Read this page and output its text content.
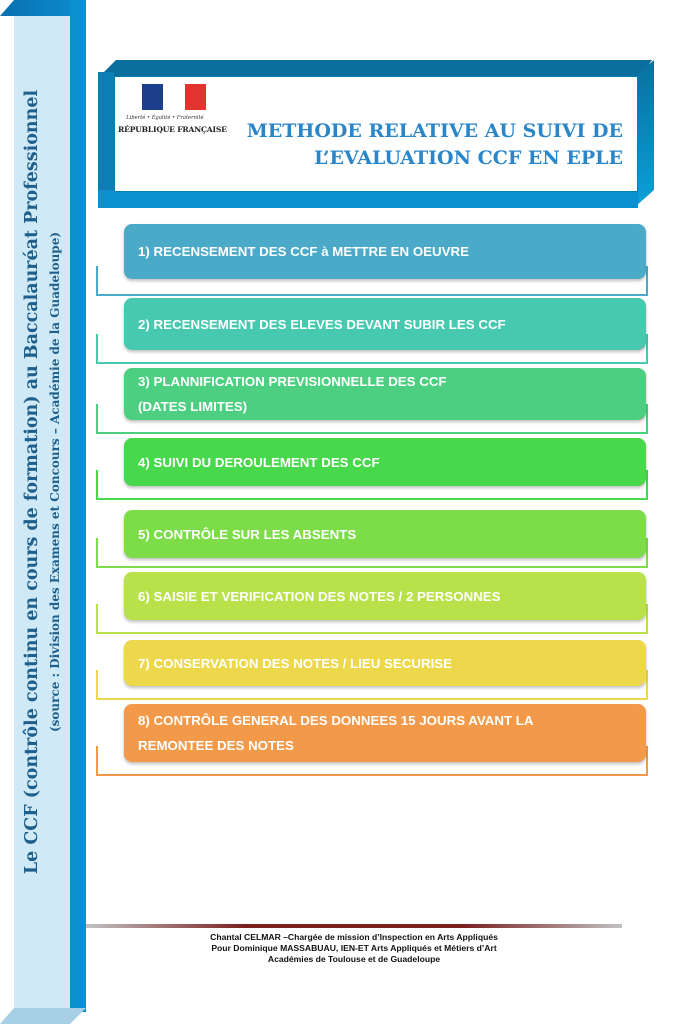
Le CCF (contrôle continu en cours de formation) au Baccalauréat Professionnel (source : Division des Examens et Concours – Académie de la Guadeloupe)
Liberté • Égalité • Fraternité
RÉPUBLIQUE FRANÇAISE	METHODE RELATIVE AU SUIVI DE
L’EVALUATION CCF EN EPLE
1) RECENSEMENT DES CCF à METTRE EN OEUVRE
2) RECENSEMENT DES ELEVES DEVANT SUBIR LES CCF
3) PLANNIFICATION PREVISIONNELLE DES CCF
(DATES LIMITES)
4) SUIVI DU DEROULEMENT DES CCF
5) CONTRÔLE SUR LES ABSENTS
6) SAISIE ET VERIFICATION DES NOTES / 2 PERSONNES
7) CONSERVATION DES NOTES / LIEU SECURISE
8) CONTRÔLE GENERAL DES DONNEES 15 JOURS AVANT LA
REMONTEE DES NOTES
Chantal CELMAR –Chargée de mission d’Inspection en Arts Appliqués
Pour Dominique MASSABUAU, IEN-ET Arts Appliqués et Métiers d’Art
Académies de Toulouse et de Guadeloupe
